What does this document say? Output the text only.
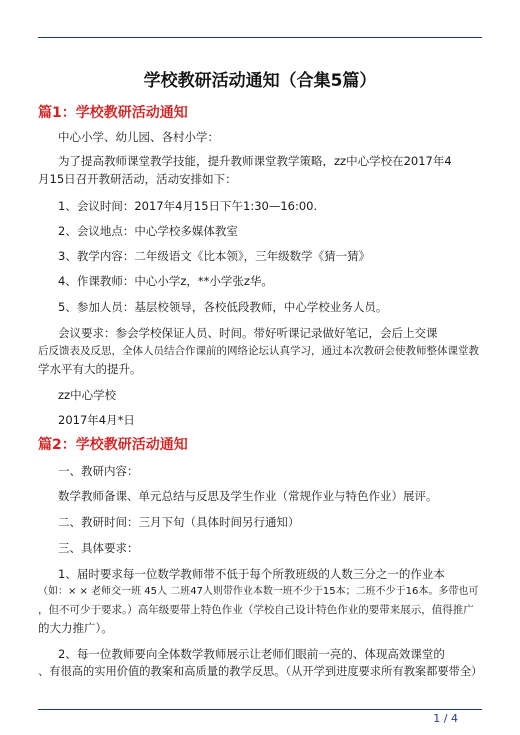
学校教研活动通知（合集5篇）
篇1：学校教研活动通知
中心小学、幼儿园、各村小学：
为了提高教师课堂教学技能，提升教师课堂教学策略，zz中心学校在2017年4
月15日召开教研活动，活动安排如下：
1、会议时间：2017年4月15日下午1:30—16:00.
2、会议地点：中心学校多媒体教室
3、教学内容：二年级语文《比本领》，三年级数学《猜一猜》
4、作课教师：中心小学z，**小学张z华。
5、参加人员：基层校领导，各校低段教师，中心学校业务人员。
会议要求：参会学校保证人员、时间。带好听课记录做好笔记，会后上交课
后反馈表及反思，全体人员结合作课前的网络论坛认真学习，通过本次教研会使教师整体课堂教
学水平有大的提升。
zz中心学校
2017年4月*日
篇2：学校教研活动通知
一、教研内容：
数学教师备课、单元总结与反思及学生作业（常规作业与特色作业）展评。
二、教研时间：三月下旬（具体时间另行通知）
三、具体要求：
1、届时要求每一位数学教师带不低于每个所教班级的人数三分之一的作业本
（如：× × 老师交一班 45人 二班47人则带作业本数一班不少于15本；二班不少于16本。多带也可
，但不可少于要求。）高年级要带上特色作业（学校自己设计特色作业的要带来展示，值得推广
的大力推广）。
2、每一位教师要向全体数学教师展示让老师们眼前一亮的、体现高效课堂的
、有很高的实用价值的教案和高质量的教学反思。（从开学到进度要求所有教案都要带全）
1 / 4
